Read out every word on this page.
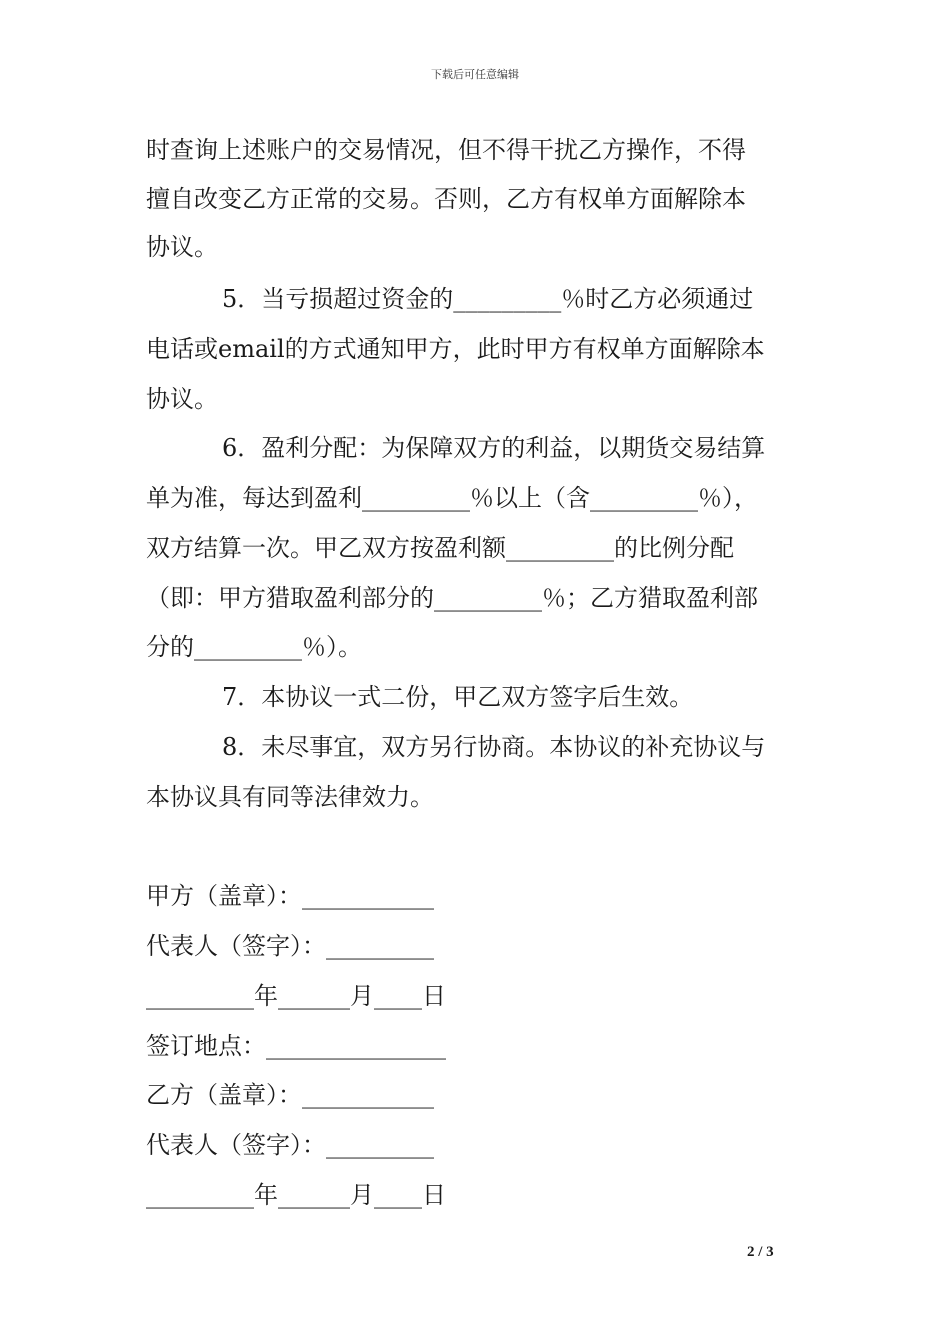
下载后可任意编辑
时查询上述账户的交易情况，但不得干扰乙方操作，不得
擅自改变乙方正常的交易。否则，乙方有权单方面解除本
协议。
5．当亏损超过资金的_________％时乙方必须通过
电话或email的方式通知甲方，此时甲方有权单方面解除本
协议。
6．盈利分配：为保障双方的利益，以期货交易结算
单为准，每达到盈利_________％以上（含_________％），
双方结算一次。甲乙双方按盈利额_________的比例分配
（即：甲方猎取盈利部分的_________％；乙方猎取盈利部
分的_________％）。
7．本协议一式二份，甲乙双方签字后生效。
8．未尽事宜，双方另行协商。本协议的补充协议与
本协议具有同等法律效力。
甲方（盖章）：___________
代表人（签字）：_________
_________年______月____日
签订地点：_______________
乙方（盖章）：___________
代表人（签字）：_________
_________年______月____日
2 / 3
